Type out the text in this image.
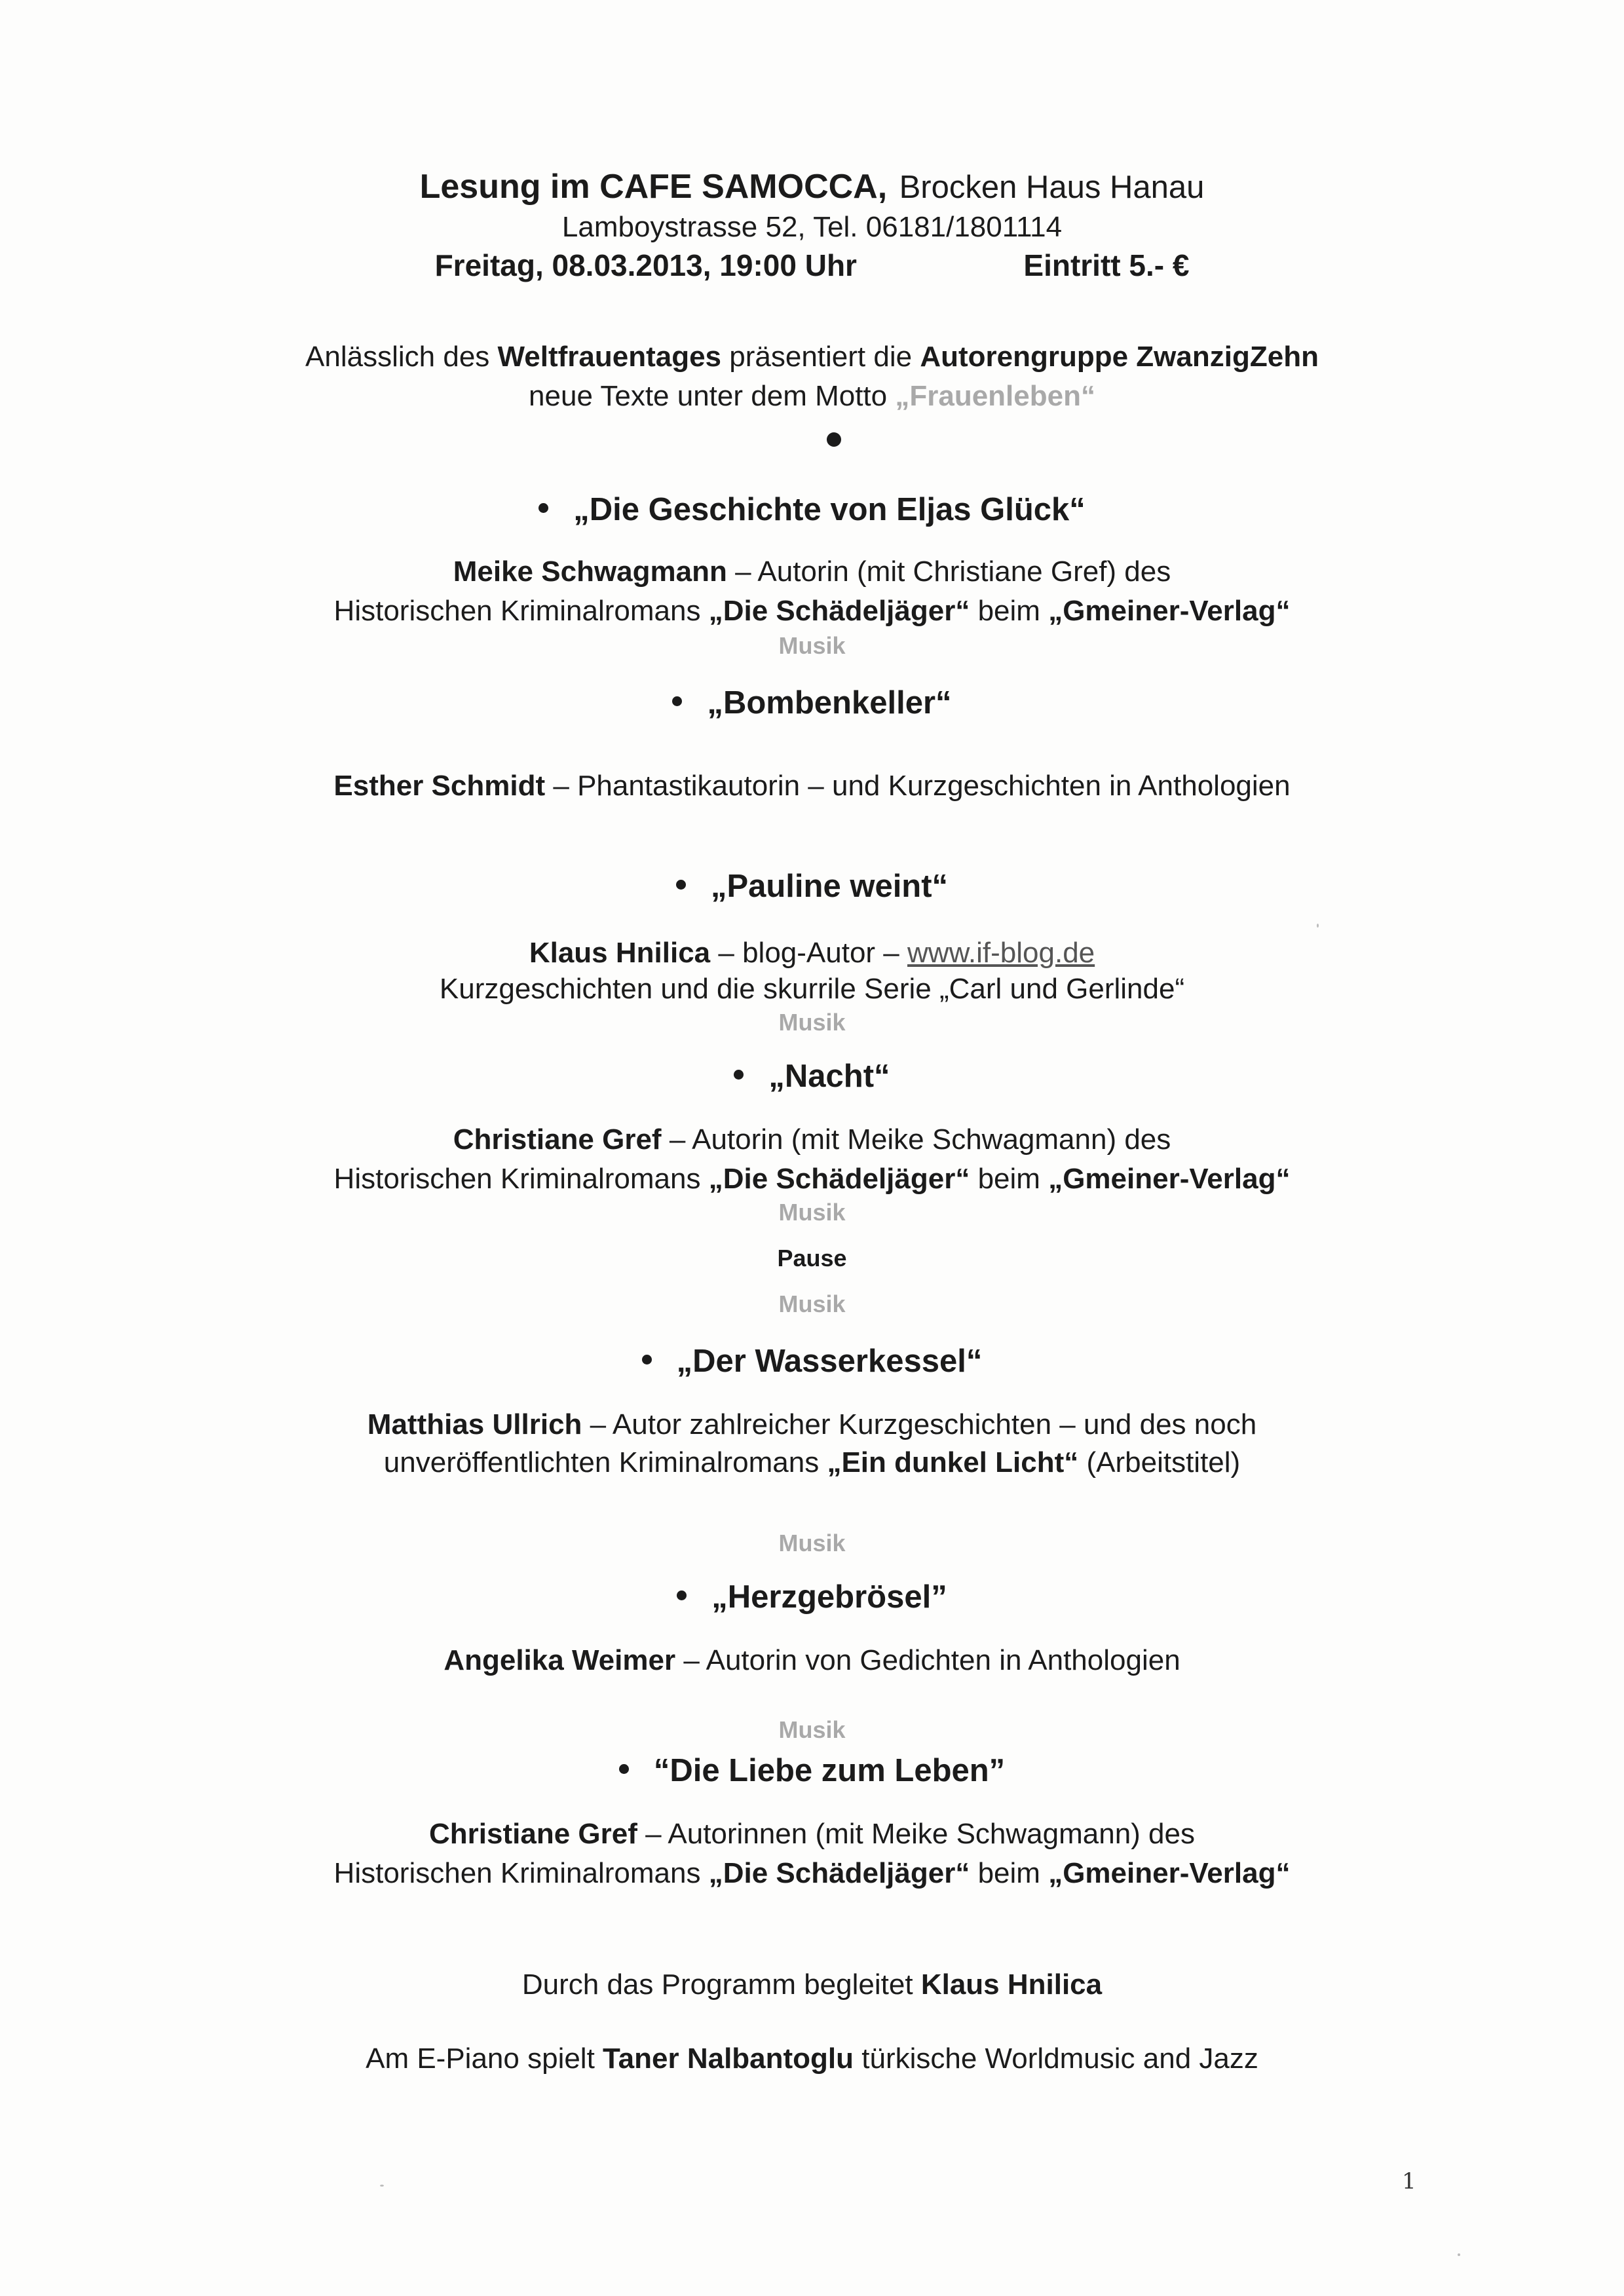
Lesung im CAFE SAMOCCA, Brocken Haus Hanau
Lamboystrasse 52, Tel. 06181/1801114
Freitag, 08.03.2013, 19:00 Uhr	Eintritt 5.- €
Anlässlich des Weltfrauentages präsentiert die Autorengruppe ZwanzigZehn
neue Texte unter dem Motto „Frauenleben“
„Die Geschichte von Eljas Glück“
Meike Schwagmann – Autorin (mit Christiane Gref) des
Historischen Kriminalromans „Die Schädeljäger“ beim „Gmeiner-Verlag“
Musik
„Bombenkeller“
Esther Schmidt – Phantastikautorin – und Kurzgeschichten in Anthologien
„Pauline weint“
Klaus Hnilica – blog-Autor – www.if-blog.de
Kurzgeschichten und die skurrile Serie „Carl und Gerlinde“
Musik
„Nacht“
Christiane Gref – Autorin (mit Meike Schwagmann) des
Historischen Kriminalromans „Die Schädeljäger“ beim „Gmeiner-Verlag“
Musik
Pause
Musik
„Der Wasserkessel“
Matthias Ullrich – Autor zahlreicher Kurzgeschichten – und des noch
unveröffentlichten Kriminalromans „Ein dunkel Licht“ (Arbeitstitel)
Musik
„Herzgebrösel”
Angelika Weimer – Autorin von Gedichten in Anthologien
Musik
“Die Liebe zum Leben”
Christiane Gref – Autorinnen (mit Meike Schwagmann) des
Historischen Kriminalromans „Die Schädeljäger“ beim „Gmeiner-Verlag“
Durch das Programm begleitet Klaus Hnilica
Am E-Piano spielt Taner Nalbantoglu türkische Worldmusic and Jazz
1
